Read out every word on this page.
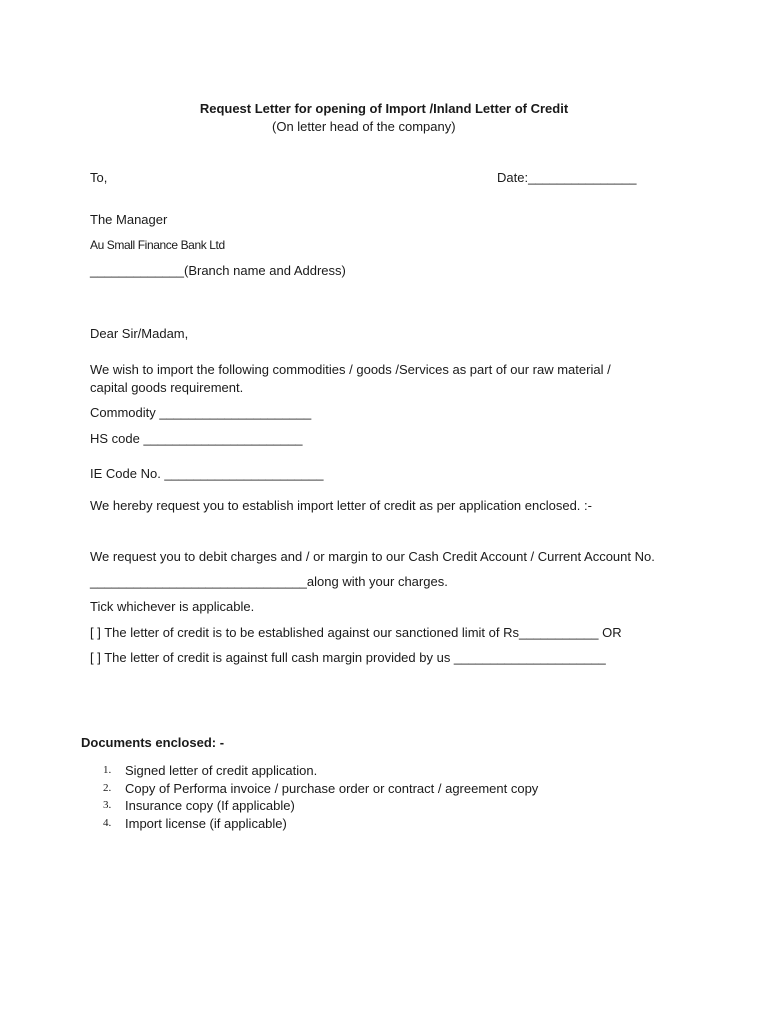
Request Letter for opening of Import /Inland Letter of Credit
(On letter head of the company)
To,	Date:_______________
The Manager
Au Small Finance Bank Ltd
_____________(Branch name and Address)
Dear Sir/Madam,
We wish to import the following commodities / goods /Services as part of our raw material /
capital goods requirement.
Commodity _____________________
HS code ______________________
IE Code No. ______________________
We hereby request you to establish import letter of credit as per application enclosed. :-
We request you to debit charges and / or margin to our Cash Credit Account / Current Account No.
______________________________along with your charges.
Tick whichever is applicable.
[ ] The letter of credit is to be established against our sanctioned limit of Rs___________ OR
[ ] The letter of credit is against full cash margin provided by us _____________________
Documents enclosed: -
1. Signed letter of credit application.
2. Copy of Performa invoice / purchase order or contract / agreement copy
3. Insurance copy (If applicable)
4. Import license (if applicable)
